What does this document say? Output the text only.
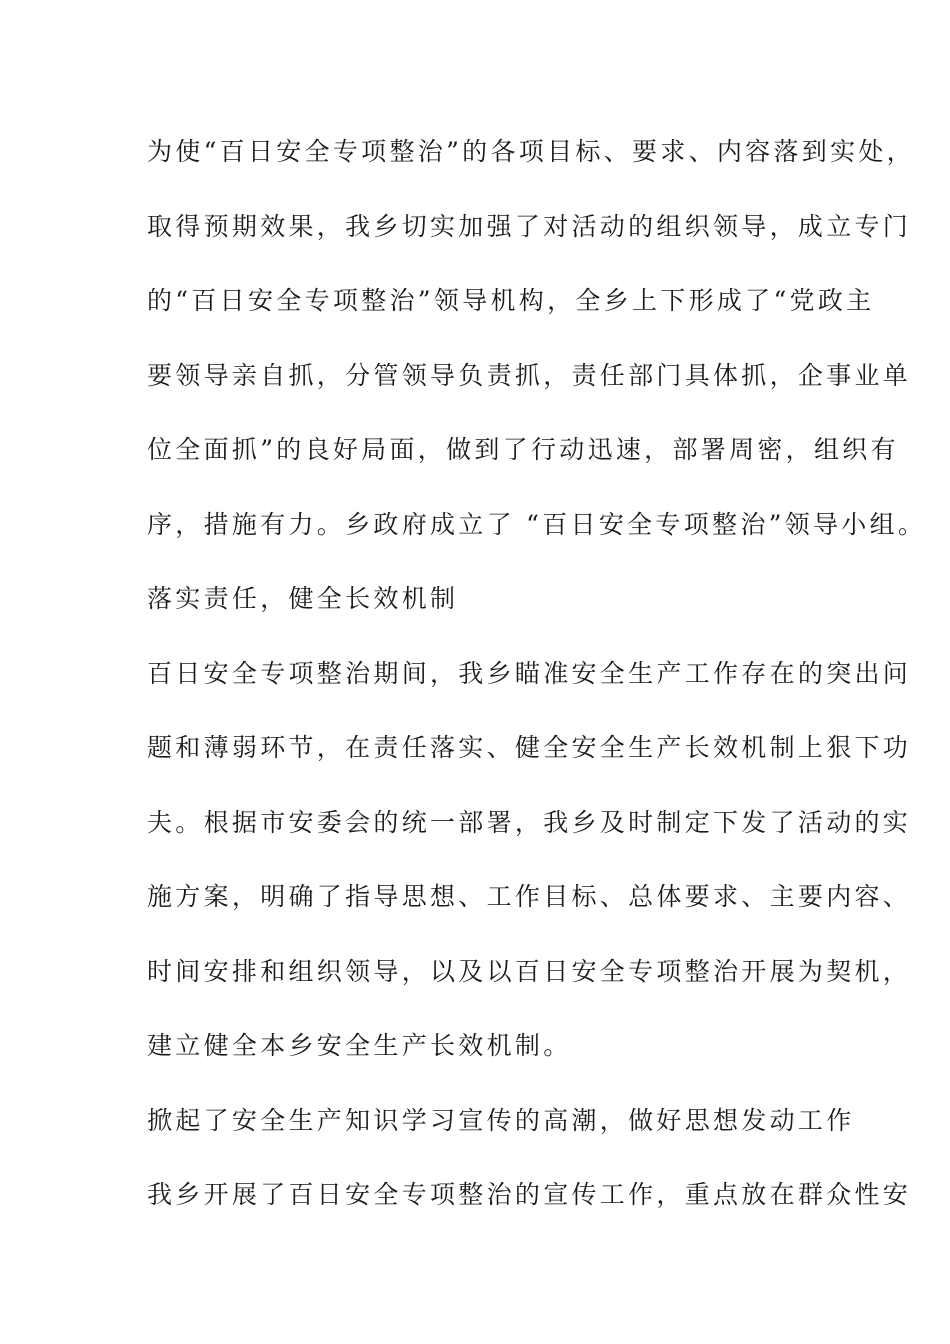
为使“百日安全专项整治”的各项目标、要求、内容落到实处，
取得预期效果，我乡切实加强了对活动的组织领导，成立专门
的“百日安全专项整治”领导机构，全乡上下形成了“党政主
要领导亲自抓，分管领导负责抓，责任部门具体抓，企事业单
位全面抓”的良好局面，做到了行动迅速，部署周密，组织有
序，措施有力。乡政府成立了 “百日安全专项整治”领导小组。
落实责任，健全长效机制
百日安全专项整治期间，我乡瞄准安全生产工作存在的突出问
题和薄弱环节，在责任落实、健全安全生产长效机制上狠下功
夫。根据市安委会的统一部署，我乡及时制定下发了活动的实
施方案，明确了指导思想、工作目标、总体要求、主要内容、
时间安排和组织领导，以及以百日安全专项整治开展为契机，
建立健全本乡安全生产长效机制。
掀起了安全生产知识学习宣传的高潮，做好思想发动工作
我乡开展了百日安全专项整治的宣传工作，重点放在群众性安
